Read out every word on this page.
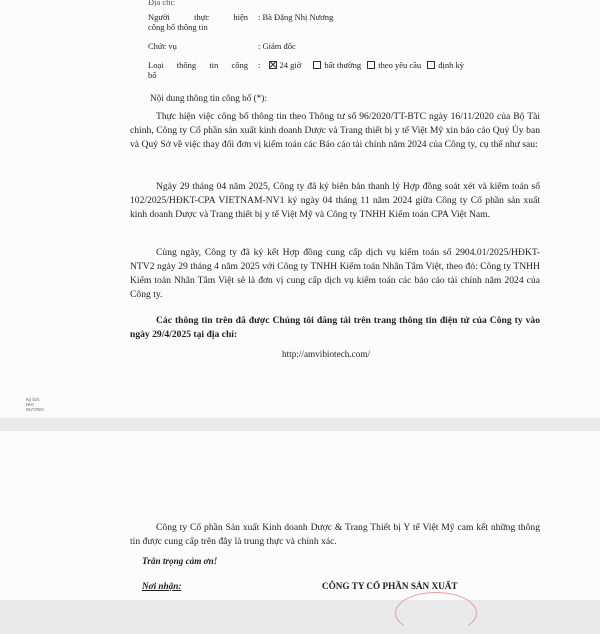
Địa chỉ:
Người thực hiện
công bố thông tin
: Bà Đặng Nhị Nương
Chức vụ	: Giám đốc
Loại thông tin công
bố
: 24 giờ	bất thường theo yêu cầu định kỳ
Nội dung thông tin công bố (*):
Thực hiện việc công bố thông tin theo Thông tư số 96/2020/TT-BTC ngày 16/11/2020 của Bộ Tài chính, Công ty Cổ phần sản xuất kinh doanh Dược và Trang thiết bị y tế Việt Mỹ xin báo cáo Quý Ủy ban và Quý Sở về việc thay đổi đơn vị kiểm toán các Báo cáo tài chính năm 2024 của Công ty, cụ thể như sau:
Ngày 29 tháng 04 năm 2025, Công ty đã ký biên bản thanh lý Hợp đồng soát xét và kiểm toán số 102/2025/HĐKT-CPA VIETNAM-NV1 ký ngày 04 tháng 11 năm 2024 giữa Công ty Cổ phần sản xuất kinh doanh Dược và Trang thiết bị y tế Việt Mỹ và Công ty TNHH Kiểm toán CPA Việt Nam.
Cùng ngày, Công ty đã ký kết Hợp đồng cung cấp dịch vụ kiểm toán số 2904.01/2025/HĐKT- NTV2 ngày 29 tháng 4 năm 2025 với Công ty TNHH Kiểm toán Nhân Tâm Việt, theo đó: Công ty TNHH Kiểm toán Nhân Tâm Việt sẽ là đơn vị cung cấp dịch vụ kiểm toán các báo cáo tài chính năm 2024 của Công ty.
Các thông tin trên đã được Chúng tôi đăng tải trên trang thông tin điện tử của Công ty vào ngày 29/4/2025 tại địa chỉ:
http://amvibiotech.com/
Ký bởi:
NHỊ
NƯƠNG
Công ty Cổ phần Sản xuất Kinh doanh Dược & Trang Thiết bị Y tế Việt Mỹ cam kết những thông tin được cung cấp trên đây là trung thực và chính xác.
Trân trọng cảm ơn!
Nơi nhận:	CÔNG TY CỔ PHẦN SẢN XUẤT
